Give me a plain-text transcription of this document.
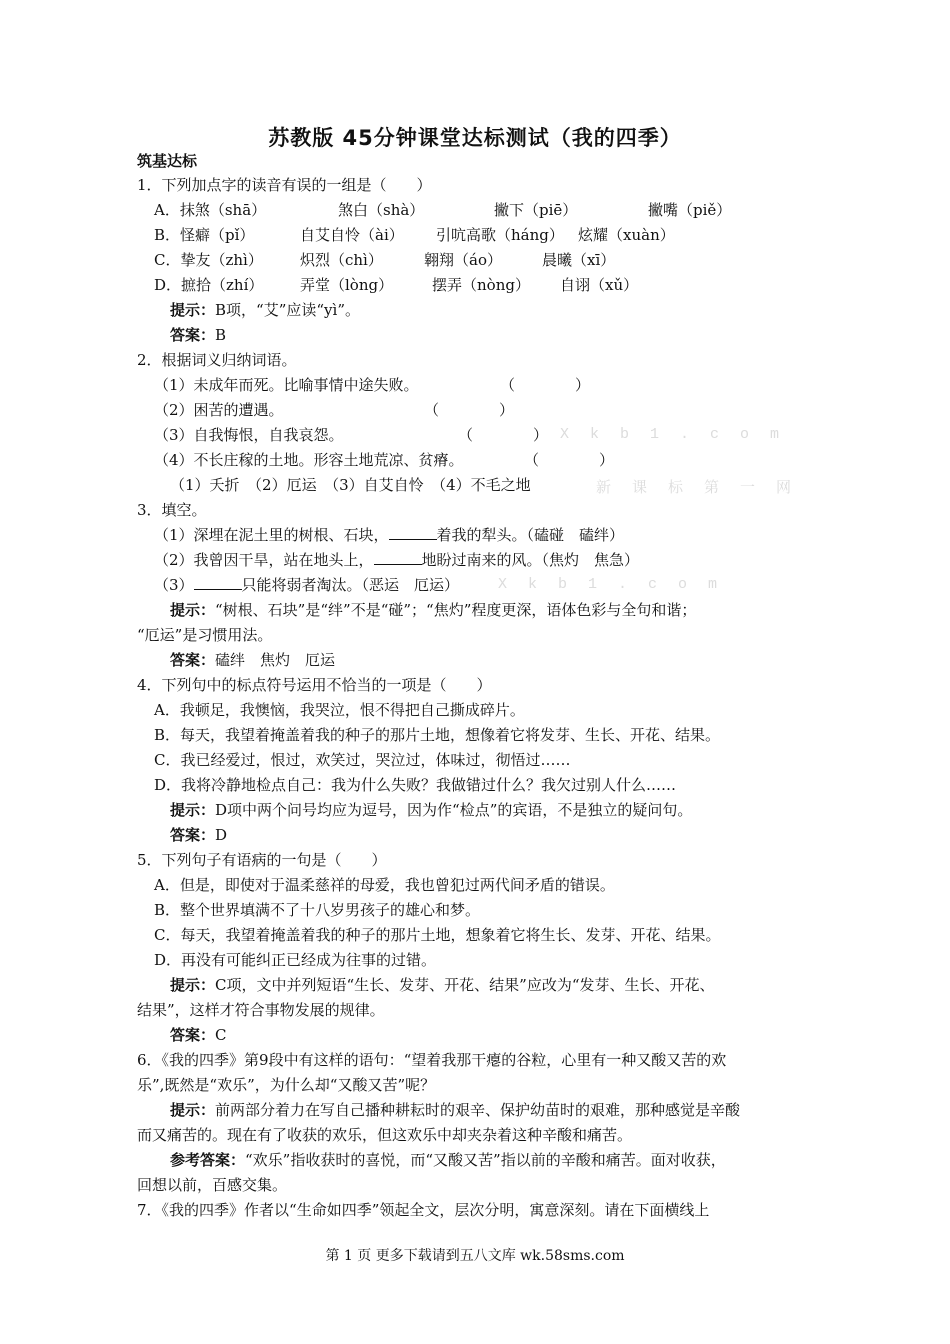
苏教版 45分钟课堂达标测试（我的四季）
筑基达标
1．下列加点字的读音有误的一组是（　　）
A．抹煞（shā）	煞白（shà）	撇下（piē）	撇嘴（piě）
B．怪癖（pǐ）	自艾自怜（ài） 引吭高歌（háng） 炫耀（xuàn）
C．挚友（zhì） 炽烈（chì）	翱翔（áo）	晨曦（xī）
D．摭拾（zhí） 弄堂（lòng）	摆弄（nòng） 自诩（xǔ）
提示：B项，“艾”应读“yì”。
答案：B
2．根据词义归纳词语。
（1）未成年而死。比喻事情中途失败。	（　　　　）
（2）困苦的遭遇。	（　　　　）
（3）自我悔恨，自我哀怨。	（　　　　） X k b 1 . c o m
（4）不长庄稼的土地。形容土地荒凉、贫瘠。	（　　　　）
（1）夭折　（2）厄运　（3）自艾自怜　（4）不毛之地	新 课 标 第 一 网
3．填空。
（1）深埋在泥土里的树根、石块，	着我的犁头。（磕碰　磕绊）
（2）我曾因干旱，站在地头上，	地盼过南来的风。（焦灼　焦急）
（3）	只能将弱者淘汰。（恶运　厄运）	X k b 1 . c o m
提示：“树根、石块”是“绊”不是“碰”；“焦灼”程度更深，语体色彩与全句和谐；
“厄运”是习惯用法。
答案：磕绊　焦灼　厄运
4．下列句中的标点符号运用不恰当的一项是（　　）
A．我顿足，我懊恼，我哭泣，恨不得把自己撕成碎片。
B．每天，我望着掩盖着我的种子的那片土地，想像着它将发芽、生长、开花、结果。
C．我已经爱过，恨过，欢笑过，哭泣过，体味过，彻悟过……
D．我将冷静地检点自己：我为什么失败？我做错过什么？我欠过别人什么……
提示：D项中两个问号均应为逗号，因为作“检点”的宾语，不是独立的疑问句。
答案：D
5．下列句子有语病的一句是（　　）
A．但是，即使对于温柔慈祥的母爱，我也曾犯过两代间矛盾的错误。
B．整个世界填满不了十八岁男孩子的雄心和梦。
C．每天，我望着掩盖着我的种子的那片土地，想象着它将生长、发芽、开花、结果。
D．再没有可能纠正已经成为往事的过错。
提示：C项，文中并列短语“生长、发芽、开花、结果”应改为“发芽、生长、开花、
结果”，这样才符合事物发展的规律。
答案：C
6．《我的四季》第9段中有这样的语句：“望着我那干瘪的谷粒，心里有一种又酸又苦的欢
乐”,既然是“欢乐”，为什么却“又酸又苦”呢？
提示：前两部分着力在写自己播种耕耘时的艰辛、保护幼苗时的艰难，那种感觉是辛酸
而又痛苦的。现在有了收获的欢乐，但这欢乐中却夹杂着这种辛酸和痛苦。
参考答案：“欢乐”指收获时的喜悦，而“又酸又苦”指以前的辛酸和痛苦。面对收获，
回想以前，百感交集。
7．《我的四季》作者以“生命如四季”领起全文，层次分明，寓意深刻。请在下面横线上
第 1 页 更多下载请到五八文库 wk.58sms.com
